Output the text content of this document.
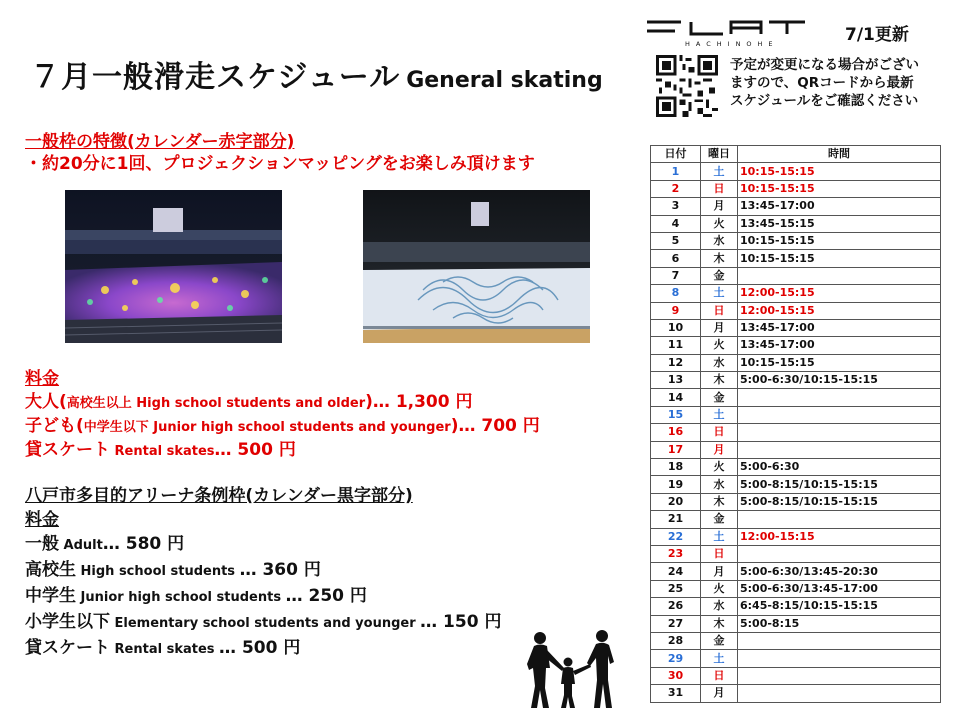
７月一般滑走スケジュール General skating
HACHINOHE	7/1更新
予定が変更になる場合がござい
ますので、QRコードから最新
スケジュールをご確認ください
一般枠の特徴(カレンダー赤字部分)
・約20分に1回、プロジェクションマッピングをお楽しみ頂けます
料金
大人(高校生以上 High school students and older)… 1,300 円
子ども(中学生以下 Junior high school students and younger)… 700 円
貸スケート Rental skates… 500 円
八戸市多目的アリーナ条例枠(カレンダー黒字部分)
料金
一般 Adult… 580 円
高校生 High school students … 360 円
中学生 Junior high school students … 250 円
小学生以下 Elementary school students and younger … 150 円
貸スケート Rental skates … 500 円
日付	曜日	時間
1	土	10:15-15:15
2	日	10:15-15:15
3	月	13:45-17:00
4	火	13:45-15:15
5	水	10:15-15:15
6	木	10:15-15:15
7	金	
8	土	12:00-15:15
9	日	12:00-15:15
10	月	13:45-17:00
11	火	13:45-17:00
12	水	10:15-15:15
13	木	5:00-6:30/10:15-15:15
14	金	
15	土	
16	日	
17	月	
18	火	5:00-6:30
19	水	5:00-8:15/10:15-15:15
20	木	5:00-8:15/10:15-15:15
21	金	
22	土	12:00-15:15
23	日	
24	月	5:00-6:30/13:45-20:30
25	火	5:00-6:30/13:45-17:00
26	水	6:45-8:15/10:15-15:15
27	木	5:00-8:15
28	金	
29	土	
30	日	
31	月	
